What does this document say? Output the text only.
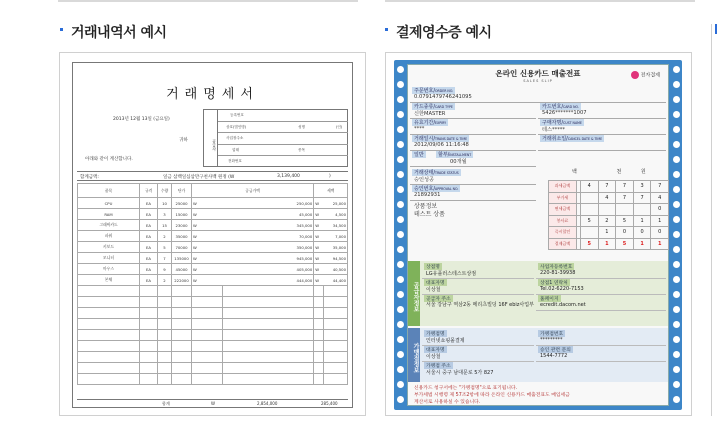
거래내역서 예시	결제영수증 예시
거래명세서
2013년 12월 13일 (금요일)
귀하
아래와 같이 계산합니다.
공급자
등록번호
상호(법인명)	성명	(인)
사업장주소
업태	종목
전화번호
합계금액:	일금 삼백일십삼만구천사백 원정 (W	3,139,400	)
품목	규격	수량	단가	공급가액		세액	
CPU	EA	10	25000	W	250,000	W	25,000
RAM	EA	3	15000	W	45,000	W	4,500
그래픽카드	EA	15	23000	W	345,000	W	34,500
파워	EA	2	35000	W	70,000	W	7,000
키보드	EA	5	70000	W	350,000	W	35,000
모니터	EA	7	135000	W	945,000	W	94,500
마우스	EA	9	45000	W	405,000	W	40,500
본체	EA	2	222000	W	444,000	W	44,400

합계	W	2,854,000	285,400
온라인 신용카드 매출전표
SALES SLIP
전자결제
주문번호/ORDER NO.
0.0791479746241095
카드종류/CARD TYPE
신한MASTER
카드번호/CARD NO.
5426*******1007
유효기간/EXPIRY
****
구매자명/CUST NAME
테스*****
거래일시/TRANS DATE & TIME
2012/09/06 11:16:48
거래취소일/CANCEL DATE & TIME
일반	할부/INSTALLMENT
00개월
거래상태/TRADE STATUS
승인성공
승인번호/APPROVAL NO.
21892931
상품정보
테스트 상품
백	천	원
과세금액		4	7	7	3	7
부가세			4	7	7	4
면세금액						0
봉사료		5	2	5	1	1
즉시할인			1	0	0	0
결제금액		5	1	5	1	1
공급자정보
상점명
LG유플러스테스트상점
사업자등록번호
220-81-39938
대표자명
이상철
상점1 연락처
Tel.02-6220-7153
공급자 주소
서울 강남구 역삼2동 메리츠빌딩 16F ebiz사업부
홈페이지
ecredit.dacom.net
가맹점정보
가맹점명
인터넷쇼핑몰결제
가맹점번호
*********
대표자명
이상철
승인 관련 문의
1544-7772
가맹점 주소
서울시 중구 남대문로 5가 827
신용카드 청구서에는 "가맹점명"으로 표기됩니다.
부가세법 시행령 제 57조2항에 따라 온라인 신용카드 매출전표도 매입세금
계산서로 사용하실 수 있습니다.
